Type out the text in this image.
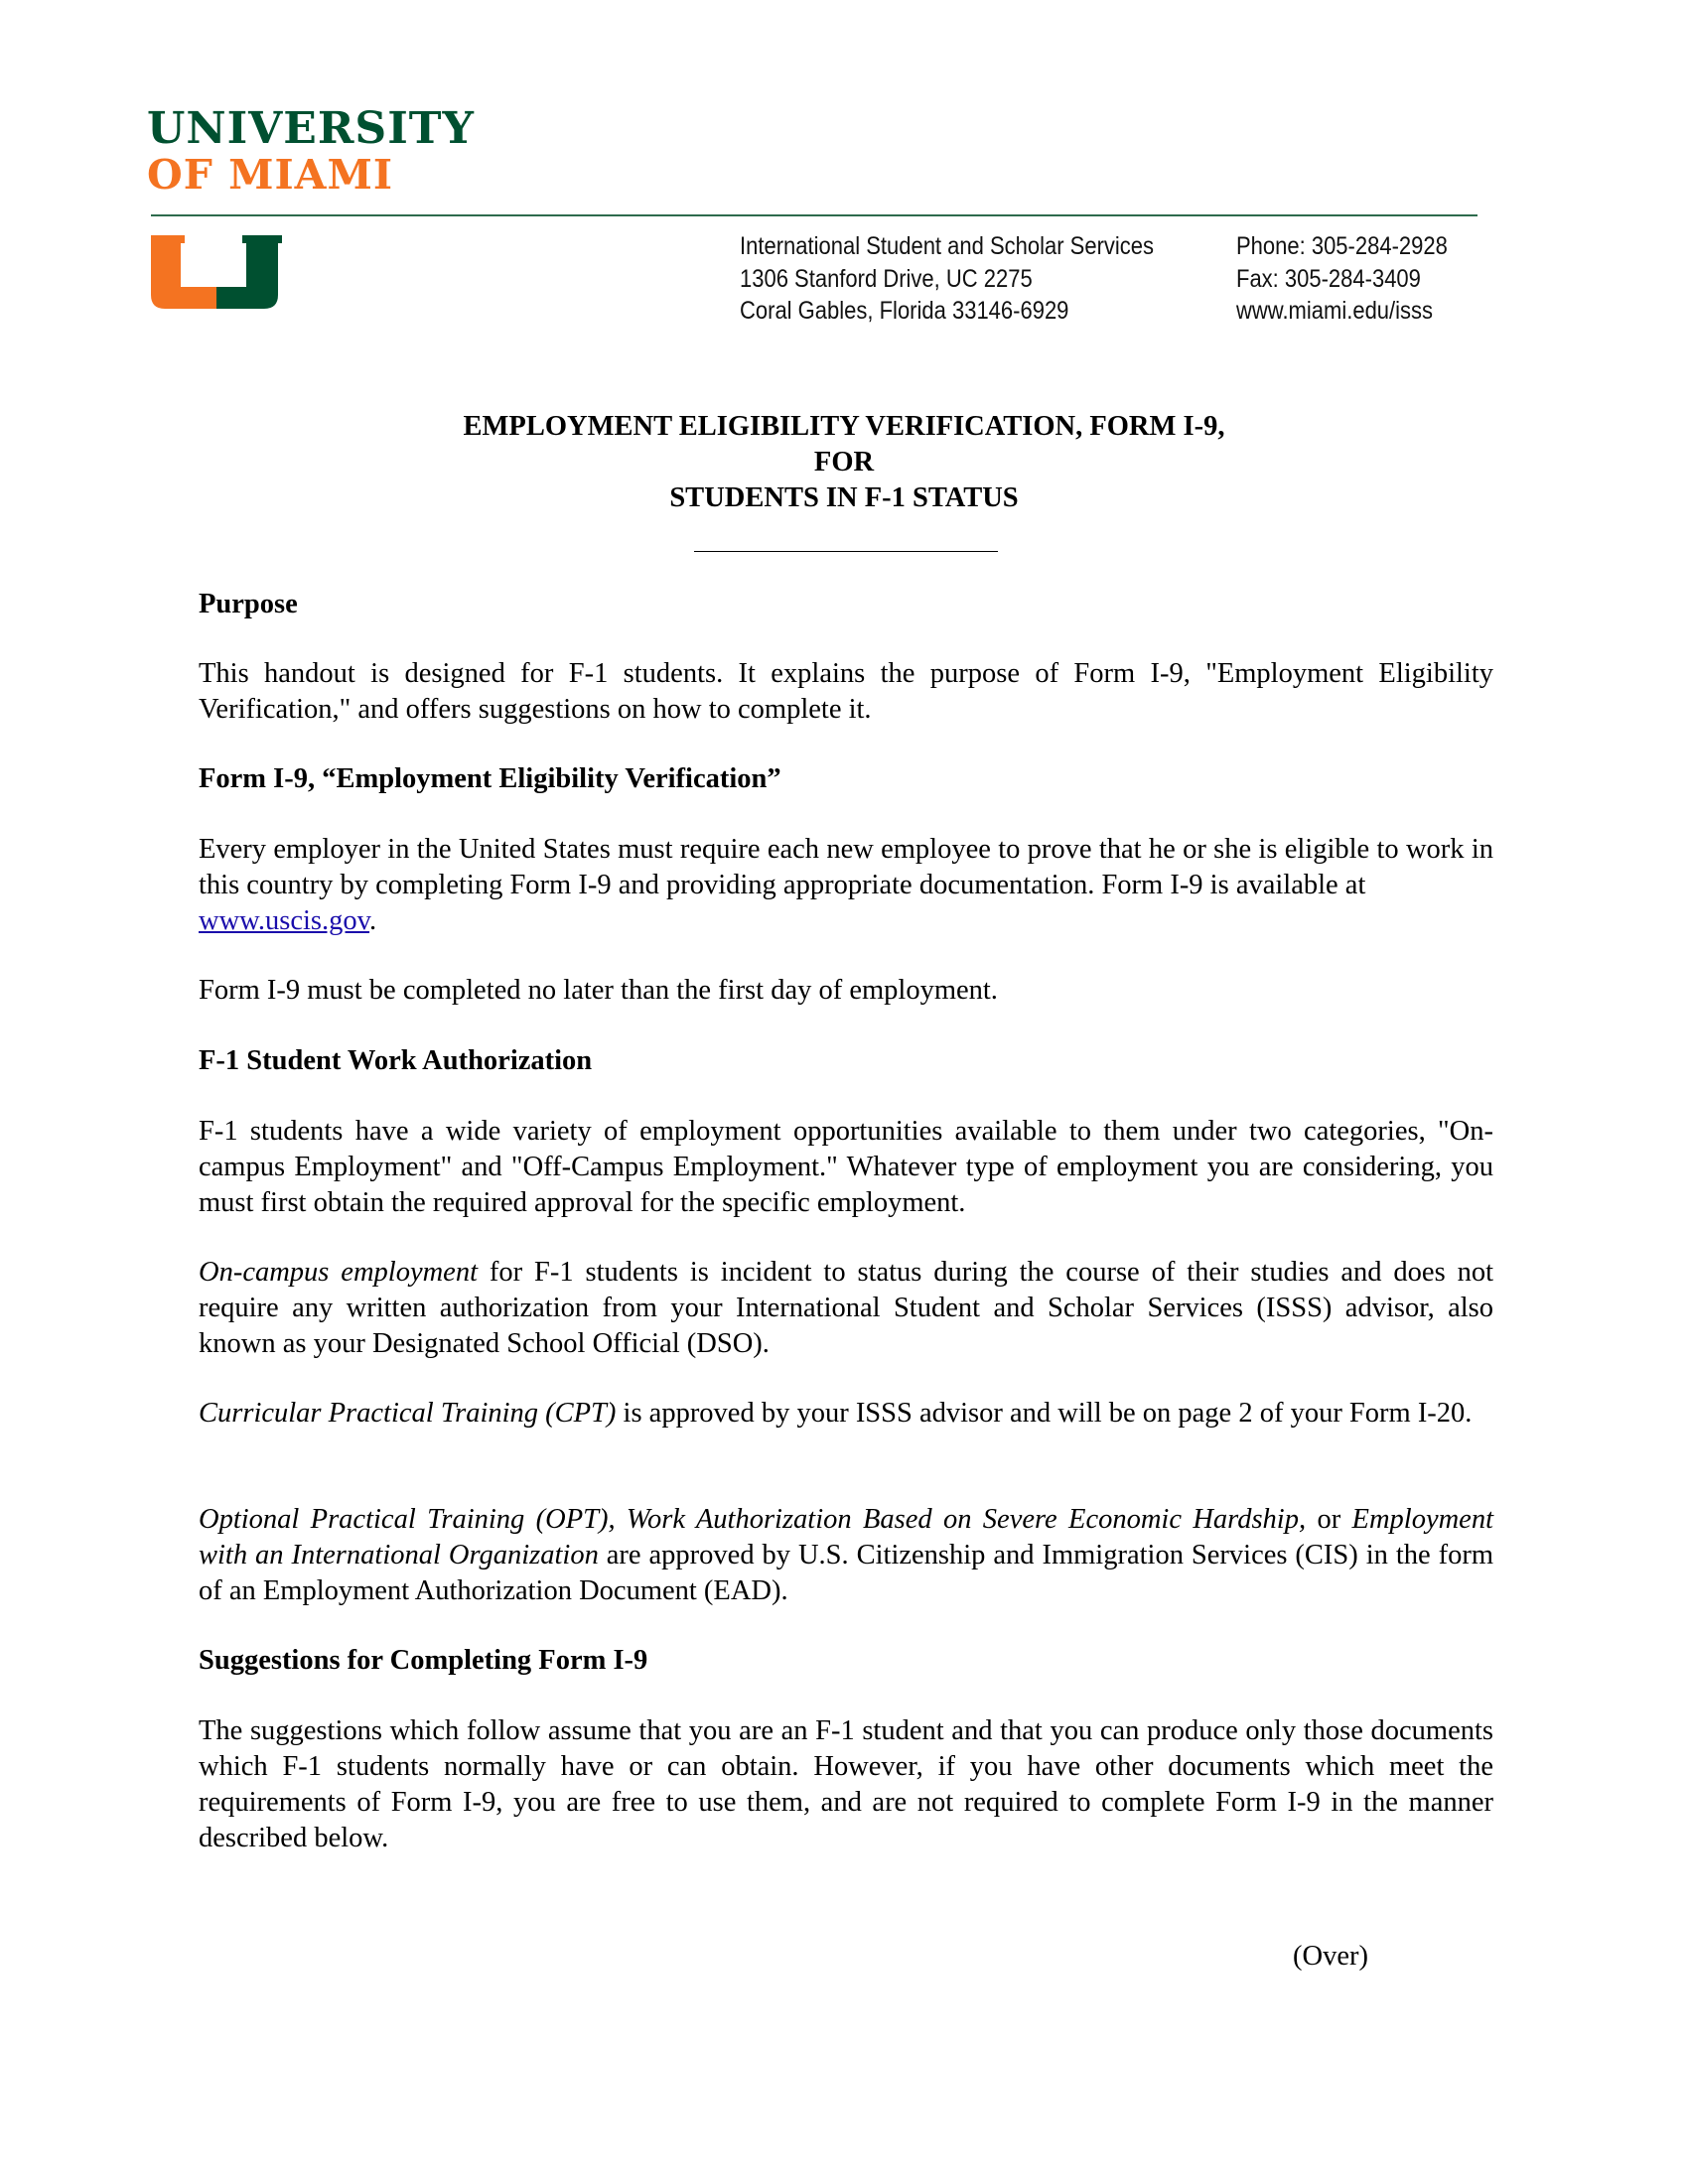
UNIVERSITY
OF MIAMI
International Student and Scholar Services
1306 Stanford Drive, UC 2275
Coral Gables, Florida 33146-6929
Phone: 305-284-2928
Fax: 305-284-3409
www.miami.edu/isss
EMPLOYMENT ELIGIBILITY VERIFICATION, FORM I-9,
FOR
STUDENTS IN F-1 STATUS

Purpose

This handout is designed for F-1 students. It explains the purpose of Form I-9, "Employment Eligibility Verification," and offers suggestions on how to complete it.

Form I-9, “Employment Eligibility Verification”

Every employer in the United States must require each new employee to prove that he or she is eligible to work in this country by completing Form I-9 and providing appropriate documentation. Form I-9 is available at
www.uscis.gov.

Form I-9 must be completed no later than the first day of employment.

F-1 Student Work Authorization

F-1 students have a wide variety of employment opportunities available to them under two categories, "On-campus Employment" and "Off-Campus Employment." Whatever type of employment you are considering, you must first obtain the required approval for the specific employment.

On-campus employment for F-1 students is incident to status during the course of their studies and does not require any written authorization from your International Student and Scholar Services (ISSS) advisor, also known as your Designated School Official (DSO).

Curricular Practical Training (CPT) is approved by your ISSS advisor and will be on page 2 of your Form I-20.

Optional Practical Training (OPT), Work Authorization Based on Severe Economic Hardship, or Employment with an International Organization are approved by U.S. Citizenship and Immigration Services (CIS) in the form of an Employment Authorization Document (EAD).

Suggestions for Completing Form I-9

The suggestions which follow assume that you are an F-1 student and that you can produce only those documents which F-1 students normally have or can obtain. However, if you have other documents which meet the requirements of Form I-9, you are free to use them, and are not required to complete Form I-9 in the manner described below.

(Over)
